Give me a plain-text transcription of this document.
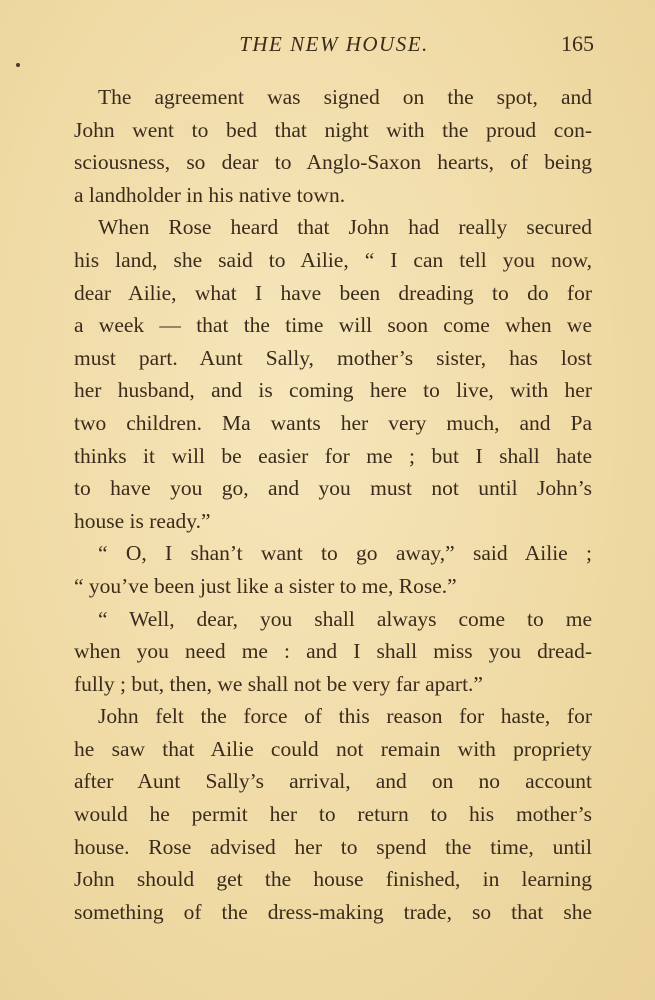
THE NEW HOUSE.	165
The agreement was signed on the spot, and
John went to bed that night with the proud con-
sciousness, so dear to Anglo-Saxon hearts, of being
a landholder in his native town.
When Rose heard that John had really secured
his land, she said to Ailie, “ I can tell you now,
dear Ailie, what I have been dreading to do for
a week — that the time will soon come when we
must part. Aunt Sally, mother’s sister, has lost
her husband, and is coming here to live, with her
two children. Ma wants her very much, and Pa
thinks it will be easier for me ; but I shall hate
to have you go, and you must not until John’s
house is ready.”
“ O, I shan’t want to go away,” said Ailie ;
“ you’ve been just like a sister to me, Rose.”
“ Well, dear, you shall always come to me
when you need me : and I shall miss you dread-
fully ; but, then, we shall not be very far apart.”
John felt the force of this reason for haste, for
he saw that Ailie could not remain with propriety
after Aunt Sally’s arrival, and on no account
would he permit her to return to his mother’s
house. Rose advised her to spend the time, until
John should get the house finished, in learning
something of the dress-making trade, so that she
